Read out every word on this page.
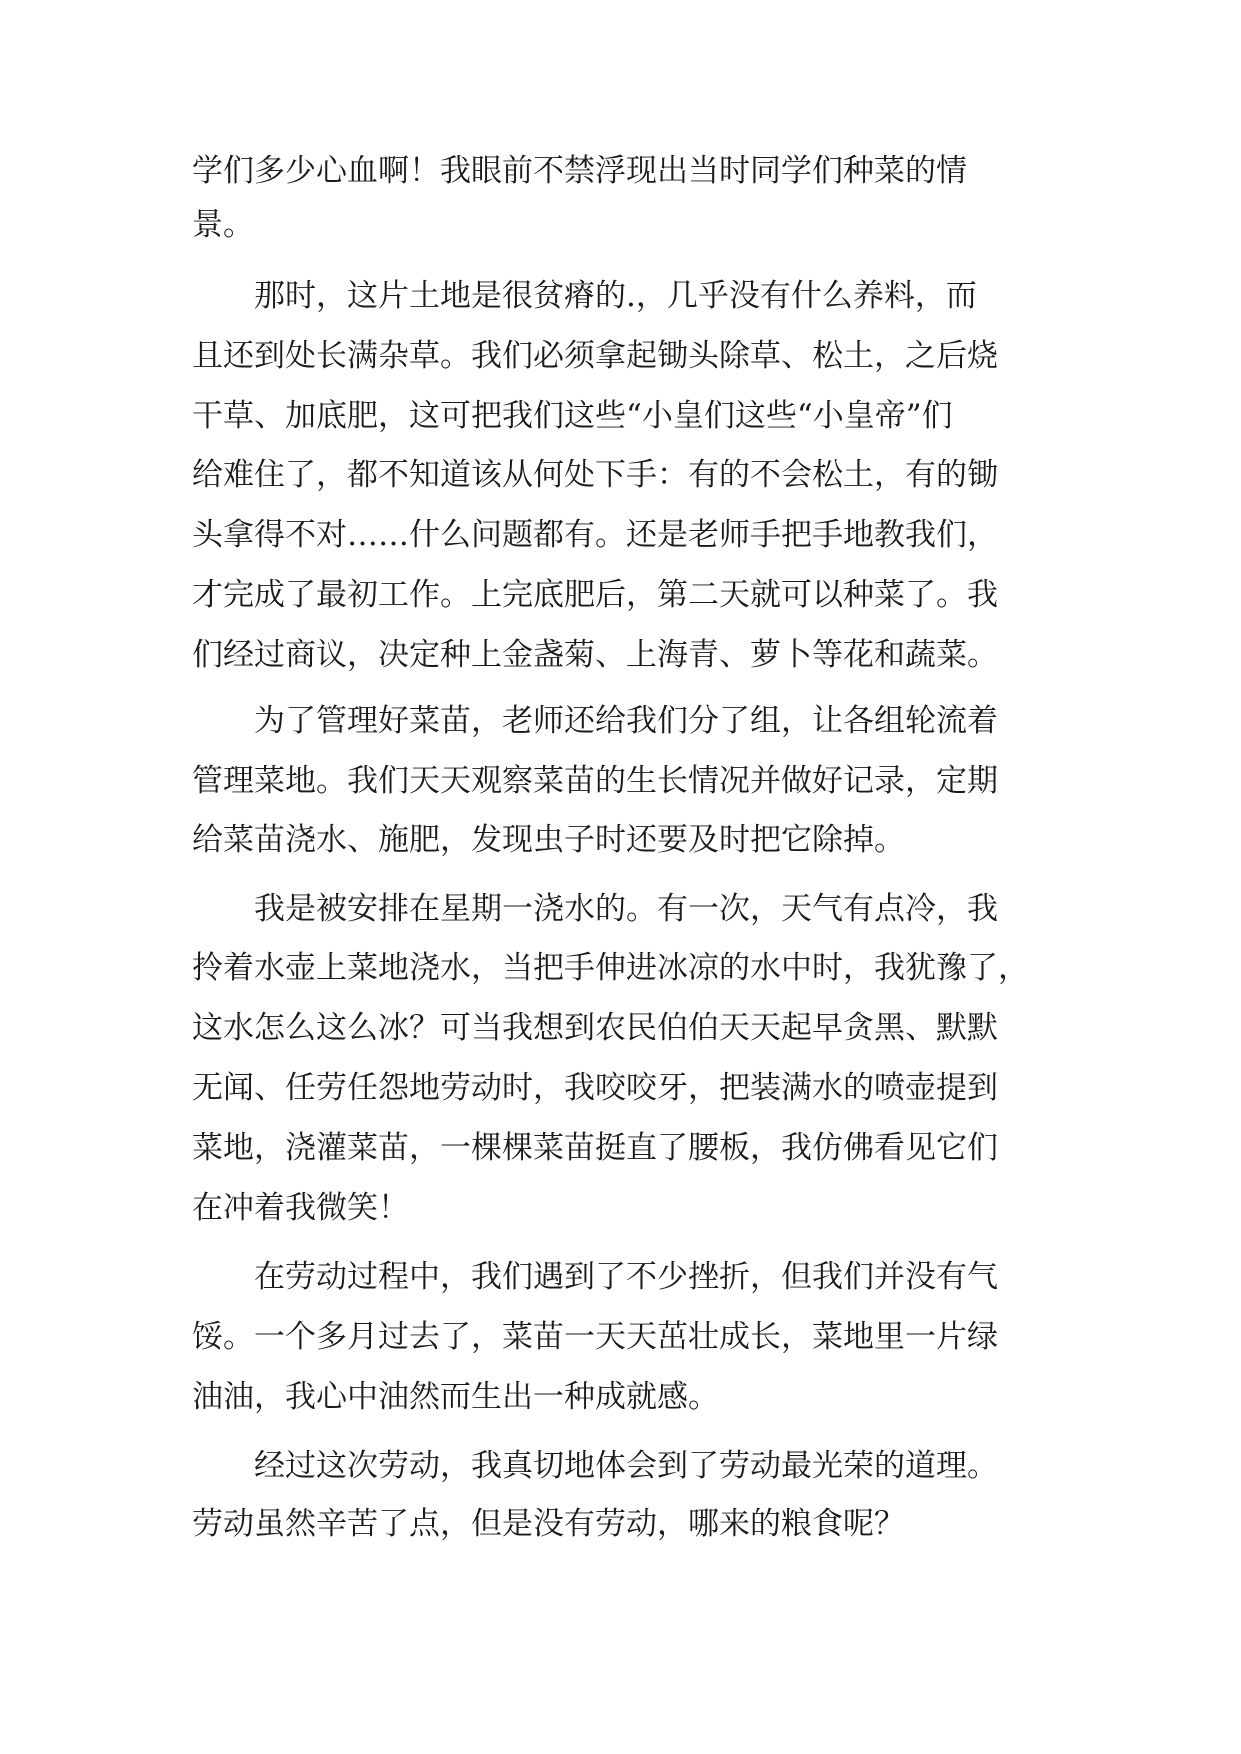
学们多少心血啊！我眼前不禁浮现出当时同学们种菜的情
景。
那时，这片土地是很贫瘠的.，几乎没有什么养料，而
且还到处长满杂草。我们必须拿起锄头除草、松土，之后烧
干草、加底肥，这可把我们这些“小皇们这些“小皇帝”们
给难住了，都不知道该从何处下手：有的不会松土，有的锄
头拿得不对……什么问题都有。还是老师手把手地教我们，
才完成了最初工作。上完底肥后，第二天就可以种菜了。我
们经过商议，决定种上金盏菊、上海青、萝卜等花和蔬菜。
为了管理好菜苗，老师还给我们分了组，让各组轮流着
管理菜地。我们天天观察菜苗的生长情况并做好记录，定期
给菜苗浇水、施肥，发现虫子时还要及时把它除掉。
我是被安排在星期一浇水的。有一次，天气有点冷，我
拎着水壶上菜地浇水，当把手伸进冰凉的水中时，我犹豫了，
这水怎么这么冰？可当我想到农民伯伯天天起早贪黑、默默
无闻、任劳任怨地劳动时，我咬咬牙，把装满水的喷壶提到
菜地，浇灌菜苗，一棵棵菜苗挺直了腰板，我仿佛看见它们
在冲着我微笑！
在劳动过程中，我们遇到了不少挫折，但我们并没有气
馁。一个多月过去了，菜苗一天天茁壮成长，菜地里一片绿
油油，我心中油然而生出一种成就感。
经过这次劳动，我真切地体会到了劳动最光荣的道理。
劳动虽然辛苦了点，但是没有劳动，哪来的粮食呢？
